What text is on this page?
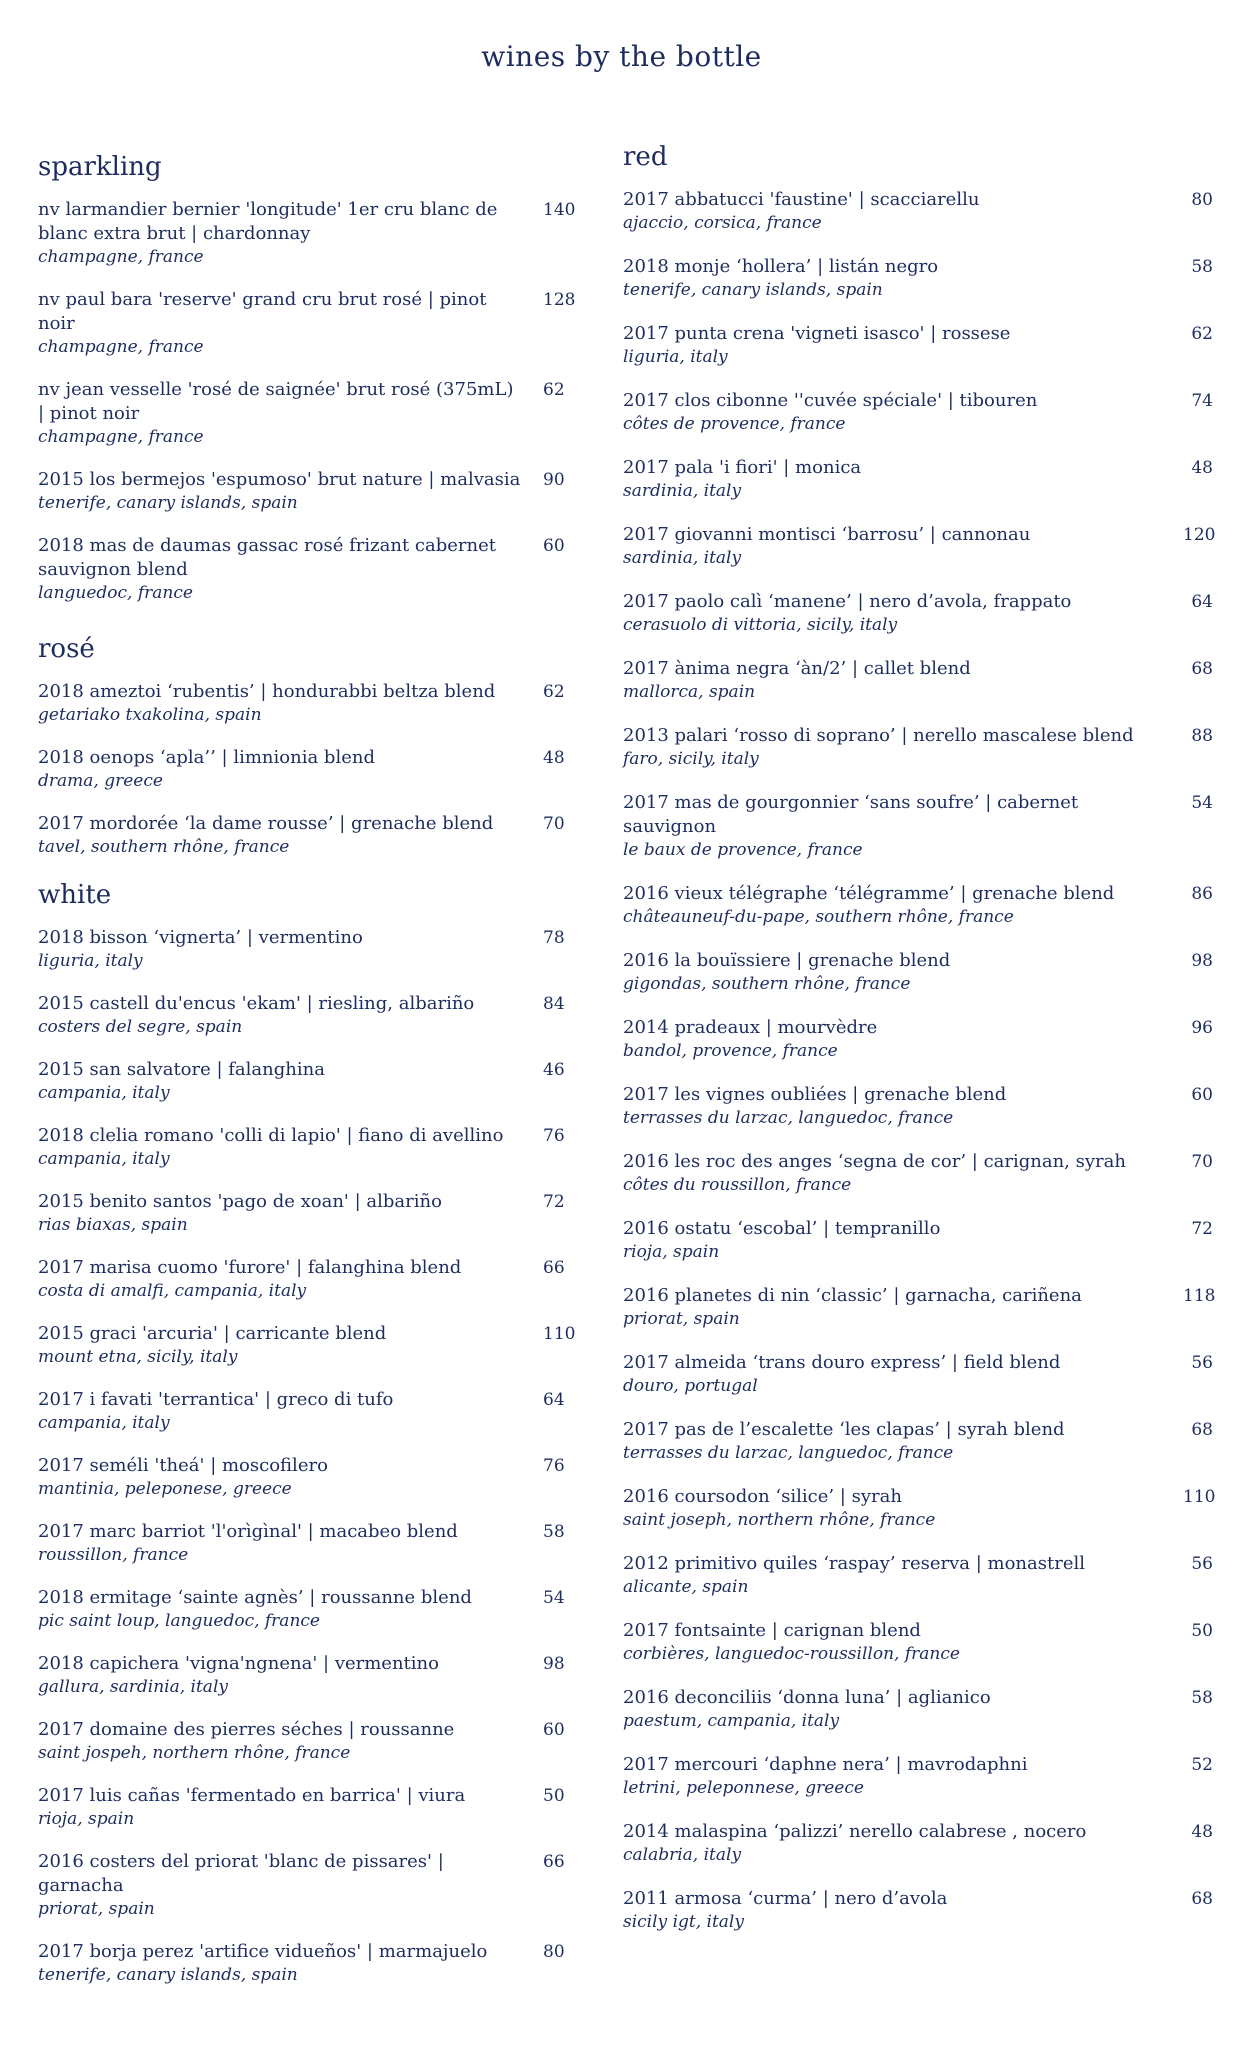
wines by the bottle
sparkling
nv larmandier bernier 'longitude' 1er cru blanc de blanc extra brut | chardonnay
champagne, france
140
nv paul bara 'reserve' grand cru brut rosé | pinot noir
champagne, france
128
nv jean vesselle 'rosé de saignée' brut rosé (375mL) | pinot noir
champagne, france
62
2015 los bermejos 'espumoso' brut nature | malvasia
tenerife, canary islands, spain
90
2018 mas de daumas gassac rosé frizant cabernet sauvignon blend
languedoc, france
60
rosé
2018 ameztoi ‘rubentis’ | hondurabbi beltza blend
getariako txakolina, spain
62
2018 oenops ‘apla’’ | limnionia blend
drama, greece
48
2017 mordorée ‘la dame rousse’ | grenache blend
tavel, southern rhône, france
70
white
2018 bisson ‘vignerta’ | vermentino
liguria, italy
78
2015 castell du'encus 'ekam' | riesling, albariño
costers del segre, spain
84
2015 san salvatore | falanghina
campania, italy
46
2018 clelia romano 'colli di lapio' | fiano di avellino
campania, italy
76
2015 benito santos 'pago de xoan' | albariño
rias biaxas, spain
72
2017 marisa cuomo 'furore' | falanghina blend
costa di amalfi, campania, italy
66
2015 graci 'arcuria' | carricante blend
mount etna, sicily, italy
110
2017 i favati 'terrantica' | greco di tufo
campania, italy
64
2017 seméli 'theá' | moscofilero
mantinia, peleponese, greece
76
2017 marc barriot 'l'orìgìnal' | macabeo blend
roussillon, france
58
2018 ermitage ‘sainte agnès’ | roussanne blend
pic saint loup, languedoc, france
54
2018 capichera 'vigna'ngnena' | vermentino
gallura, sardinia, italy
98
2017 domaine des pierres séches | roussanne
saint jospeh, northern rhône, france
60
2017 luis cañas 'fermentado en barrica' | viura
rioja, spain
50
2016 costers del priorat 'blanc de pissares' | garnacha
priorat, spain
66
2017 borja perez 'artifice vidueños' | marmajuelo
tenerife, canary islands, spain
80
red
2017 abbatucci 'faustine' | scacciarellu
ajaccio, corsica, france
80
2018 monje ‘hollera’ | listán negro
tenerife, canary islands, spain
58
2017 punta crena 'vigneti isasco' | rossese
liguria, italy
62
2017 clos cibonne ''cuvée spéciale' | tibouren
côtes de provence, france
74
2017 pala 'i fiori' | monica
sardinia, italy
48
2017 giovanni montisci ‘barrosu’ | cannonau
sardinia, italy
120
2017 paolo calì ‘manene’ | nero d’avola, frappato
cerasuolo di vittoria, sicily, italy
64
2017 ànima negra ‘àn/2’ | callet blend
mallorca, spain
68
2013 palari ‘rosso di soprano’ | nerello mascalese blend
faro, sicily, italy
88
2017 mas de gourgonnier ‘sans soufre’ | cabernet sauvignon
le baux de provence, france
54
2016 vieux télégraphe ‘télégramme’ | grenache blend
châteauneuf-du-pape, southern rhône, france
86
2016 la bouïssiere | grenache blend
gigondas, southern rhône, france
98
2014 pradeaux | mourvèdre
bandol, provence, france
96
2017 les vignes oubliées | grenache blend
terrasses du larzac, languedoc, france
60
2016 les roc des anges ‘segna de cor’ | carignan, syrah
côtes du roussillon, france
70
2016 ostatu ‘escobal’ | tempranillo
rioja, spain
72
2016 planetes di nin ‘classic’ | garnacha, cariñena
priorat, spain
118
2017 almeida ‘trans douro express’ | field blend
douro, portugal
56
2017 pas de l’escalette ‘les clapas’ | syrah blend
terrasses du larzac, languedoc, france
68
2016 coursodon ‘silice’ | syrah
saint joseph, northern rhône, france
110
2012 primitivo quiles ‘raspay’ reserva | monastrell
alicante, spain
56
2017 fontsainte | carignan blend
corbières, languedoc-roussillon, france
50
2016 deconciliis ‘donna luna’ | aglianico
paestum, campania, italy
58
2017 mercouri ‘daphne nera’ | mavrodaphni
letrini, peleponnese, greece
52
2014 malaspina ‘palizzi’ nerello calabrese , nocero
calabria, italy
48
2011 armosa ‘curma’ | nero d’avola
sicily igt, italy
68
